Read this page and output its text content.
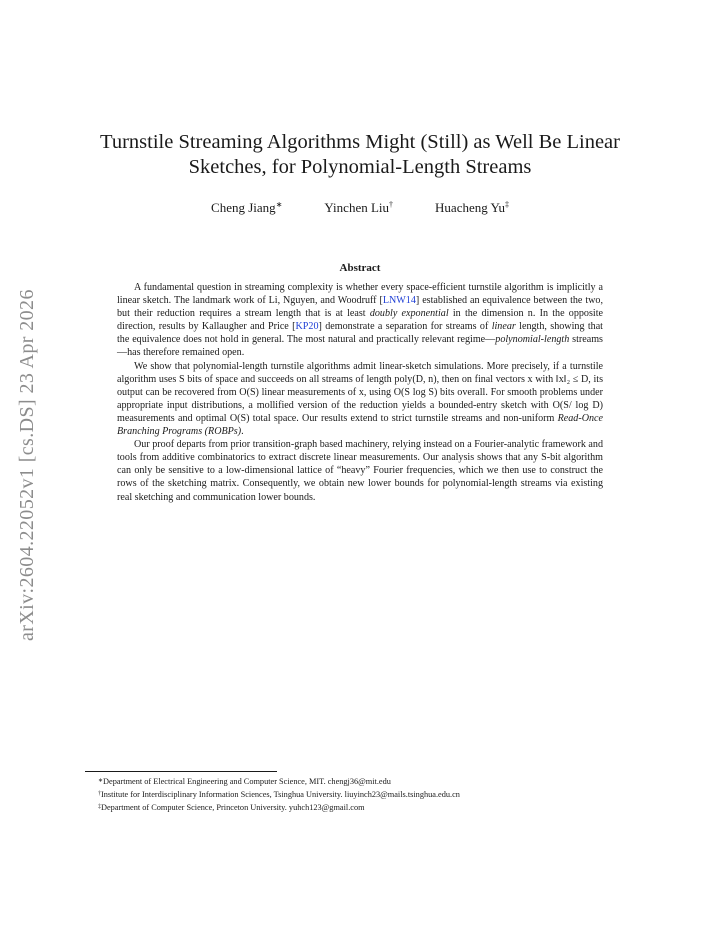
arXiv:2604.22052v1 [cs.DS] 23 Apr 2026
Turnstile Streaming Algorithms Might (Still) as Well Be Linear Sketches, for Polynomial-Length Streams
Cheng Jiang∗	Yinchen Liu†	Huacheng Yu‡
Abstract

A fundamental question in streaming complexity is whether every space-efficient turnstile algorithm is implicitly a linear sketch. The landmark work of Li, Nguyen, and Woodruff [LNW14] established an equivalence between the two, but their reduction requires a stream length that is at least doubly exponential in the dimension n. In the opposite direction, results by Kallaugher and Price [KP20] demonstrate a separation for streams of linear length, showing that the equivalence does not hold in general. The most natural and practically relevant regime—polynomial-length streams—has therefore remained open.

We show that polynomial-length turnstile algorithms admit linear-sketch simulations. More precisely, if a turnstile algorithm uses S bits of space and succeeds on all streams of length poly(D, n), then on final vectors x with ‖x‖₂ ≤ D, its output can be recovered from O(S) linear measurements of x, using O(S log S) bits overall. For smooth problems under appropriate input distributions, a mollified version of the reduction yields a bounded-entry sketch with O(S/ log D) measurements and optimal O(S) total space. Our results extend to strict turnstile streams and non-uniform Read-Once Branching Programs (ROBPs).

Our proof departs from prior transition-graph based machinery, relying instead on a Fourier-analytic framework and tools from additive combinatorics to extract discrete linear measurements. Our analysis shows that any S-bit algorithm can only be sensitive to a low-dimensional lattice of “heavy” Fourier frequencies, which we then use to construct the rows of the sketching matrix. Consequently, we obtain new lower bounds for polynomial-length streams via existing real sketching and communication lower bounds.

∗Department of Electrical Engineering and Computer Science, MIT. chengj36@mit.edu
†Institute for Interdisciplinary Information Sciences, Tsinghua University. liuyinch23@mails.tsinghua.edu.cn
‡Department of Computer Science, Princeton University. yuhch123@gmail.com
